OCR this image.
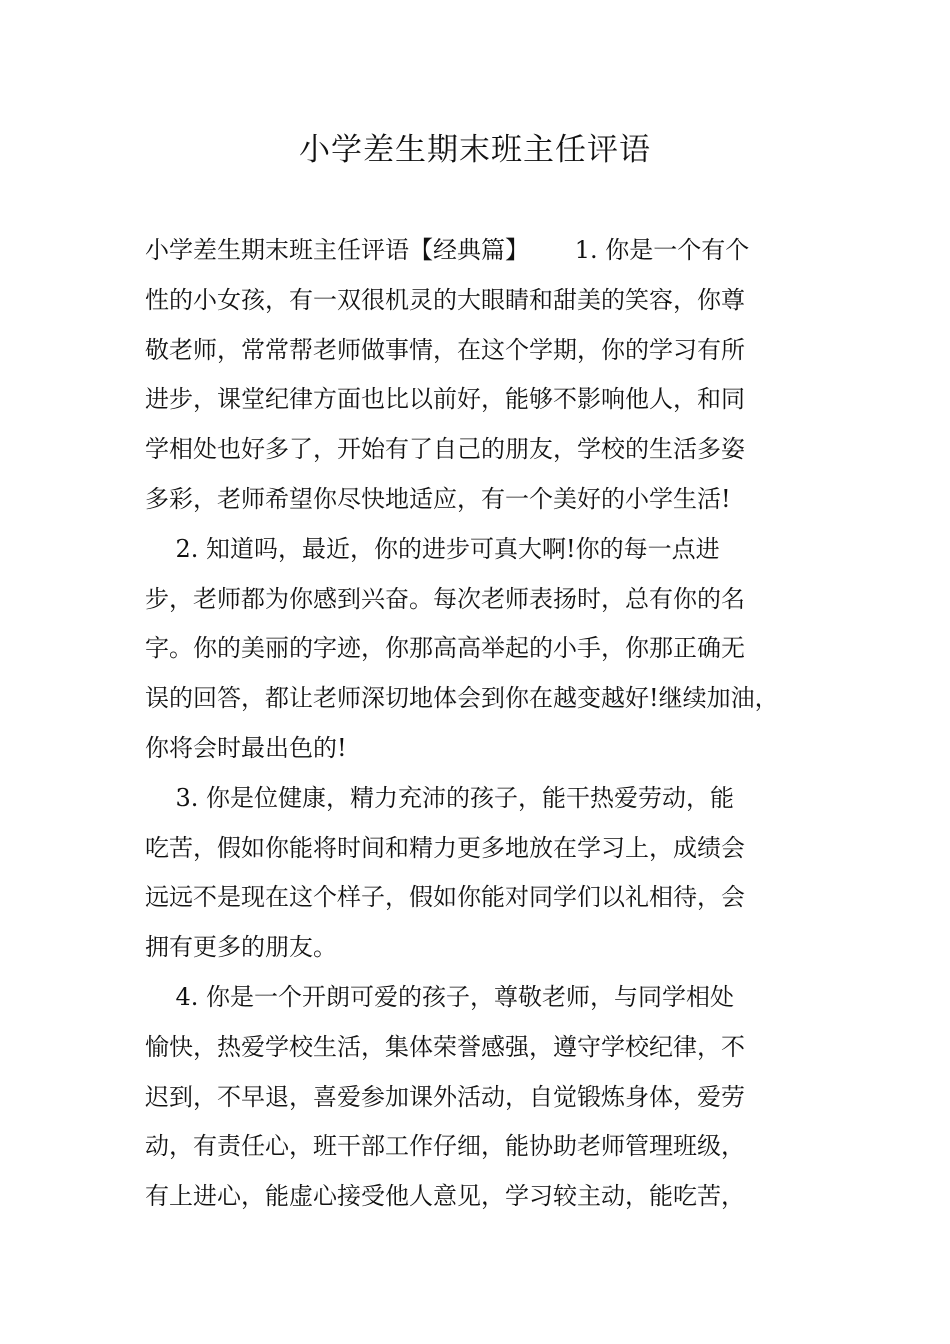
小学差生期末班主任评语
小学差生期末班主任评语【经典篇】      1. 你是一个有个
性的小女孩，有一双很机灵的大眼睛和甜美的笑容，你尊
敬老师，常常帮老师做事情，在这个学期，你的学习有所
进步，课堂纪律方面也比以前好，能够不影响他人，和同
学相处也好多了，开始有了自己的朋友，学校的生活多姿
多彩，老师希望你尽快地适应，有一个美好的小学生活!
2. 知道吗，最近，你的进步可真大啊!你的每一点进
步，老师都为你感到兴奋。每次老师表扬时，总有你的名
字。你的美丽的字迹，你那高高举起的小手，你那正确无
误的回答，都让老师深切地体会到你在越变越好!继续加油，
你将会时最出色的!
3. 你是位健康，精力充沛的孩子，能干热爱劳动，能
吃苦，假如你能将时间和精力更多地放在学习上，成绩会
远远不是现在这个样子，假如你能对同学们以礼相待，会
拥有更多的朋友。
4. 你是一个开朗可爱的孩子，尊敬老师，与同学相处
愉快，热爱学校生活，集体荣誉感强，遵守学校纪律，不
迟到，不早退，喜爱参加课外活动，自觉锻炼身体，爱劳
动，有责任心，班干部工作仔细，能协助老师管理班级，
有上进心，能虚心接受他人意见，学习较主动，能吃苦，
